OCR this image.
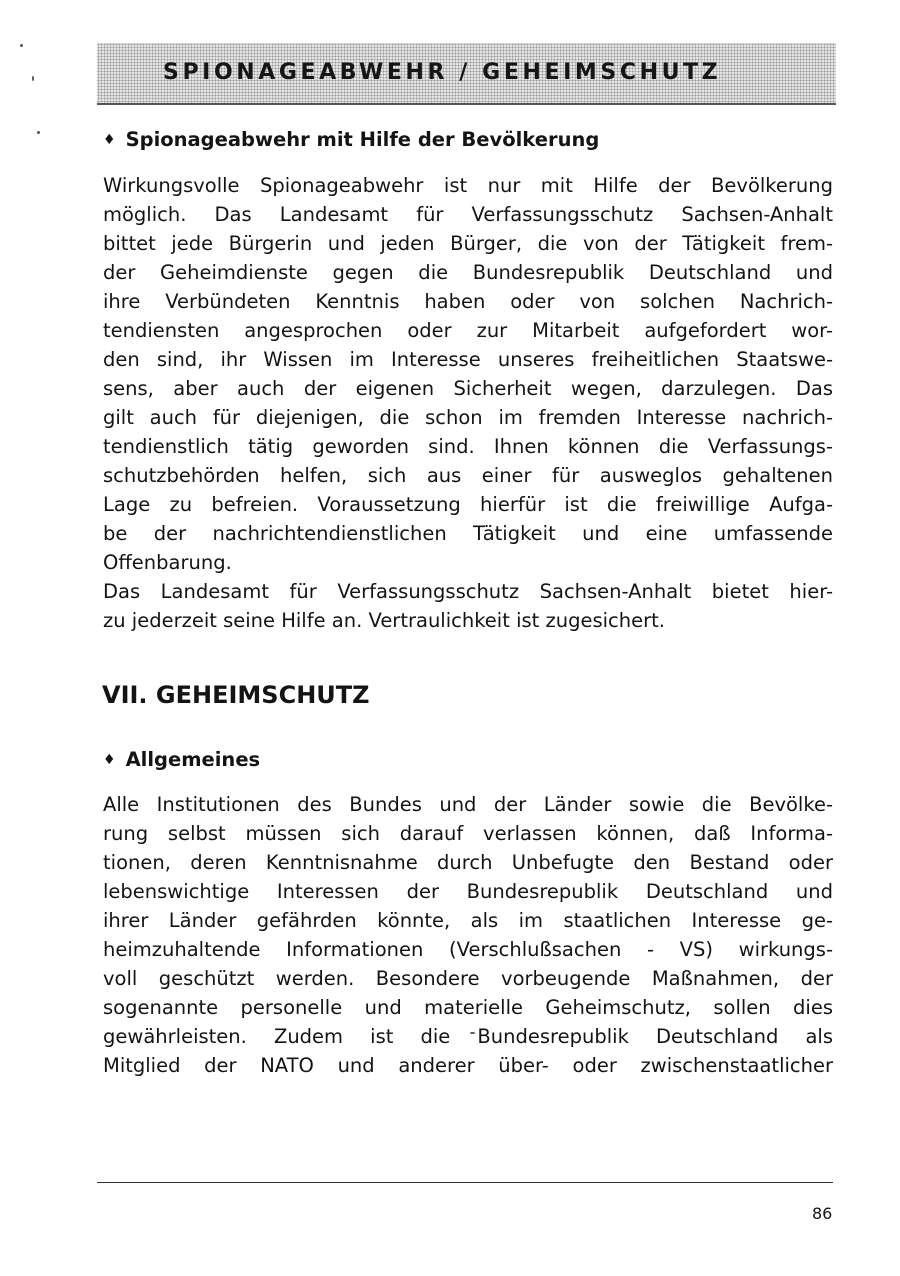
SPIONAGEABWEHR / GEHEIMSCHUTZ
♦ Spionageabwehr mit Hilfe der Bevölkerung
Wirkungsvolle Spionageabwehr ist nur mit Hilfe der Bevölkerung
möglich. Das Landesamt für Verfassungsschutz Sachsen-Anhalt
bittet jede Bürgerin und jeden Bürger, die von der Tätigkeit frem-
der Geheimdienste gegen die Bundesrepublik Deutschland und
ihre Verbündeten Kenntnis haben oder von solchen Nachrich-
tendiensten angesprochen oder zur Mitarbeit aufgefordert wor-
den sind, ihr Wissen im Interesse unseres freiheitlichen Staatswe-
sens, aber auch der eigenen Sicherheit wegen, darzulegen. Das
gilt auch für diejenigen, die schon im fremden Interesse nachrich-
tendienstlich tätig geworden sind. Ihnen können die Verfassungs-
schutzbehörden helfen, sich aus einer für ausweglos gehaltenen
Lage zu befreien. Voraussetzung hierfür ist die freiwillige Aufga-
be der nachrichtendienstlichen Tätigkeit und eine umfassende
Offenbarung.
Das Landesamt für Verfassungsschutz Sachsen-Anhalt bietet hier-
zu jederzeit seine Hilfe an. Vertraulichkeit ist zugesichert.
VII. GEHEIMSCHUTZ
♦ Allgemeines
Alle Institutionen des Bundes und der Länder sowie die Bevölke-
rung selbst müssen sich darauf verlassen können, daß Informa-
tionen, deren Kenntnisnahme durch Unbefugte den Bestand oder
lebenswichtige Interessen der Bundesrepublik Deutschland und
ihrer Länder gefährden könnte, als im staatlichen Interesse ge-
heimzuhaltende Informationen (Verschlußsachen - VS) wirkungs-
voll geschützt werden. Besondere vorbeugende Maßnahmen, der
sogenannte personelle und materielle Geheimschutz, sollen dies
gewährleisten. Zudem ist die Bundesrepublik Deutschland als
Mitglied der NATO und anderer über- oder zwischenstaatlicher
86
